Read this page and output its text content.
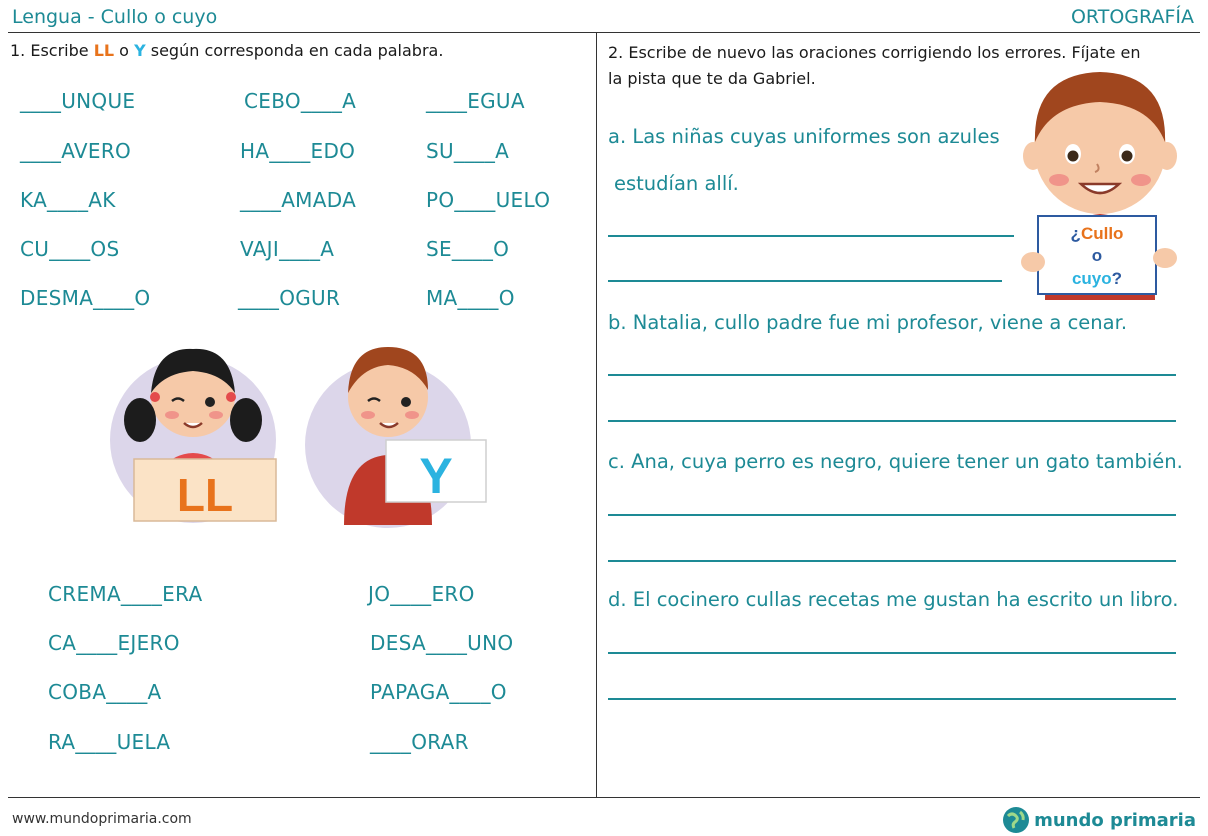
Lengua - Cullo o cuyo	ORTOGRAFÍA
1. Escribe LL o Y según corresponda en cada palabra.
____UNQUE	CEBO____A	____EGUA
____AVERO	HA____EDO	SU____A
KA____AK	____AMADA	PO____UELO
CU____OS	VAJI____A	SE____O
DESMA____O	____OGUR	MA____O
LL	Y
CREMA____ERA	JO____ERO
CA____EJERO	DESA____UNO
COBA____A	PAPAGA____O
RA____UELA	____ORAR
2. Escribe de nuevo las oraciones corrigiendo los errores. Fíjate en
la pista que te da Gabriel.
a. Las niñas cuyas uniformes son azules
estudían allí.
¿Cullo
o
cuyo?
b. Natalia, cullo padre fue mi profesor, viene a cenar.
c. Ana, cuya perro es negro, quiere tener un gato también.
d. El cocinero cullas recetas me gustan ha escrito un libro.
www.mundoprimaria.com	mundo primaria
